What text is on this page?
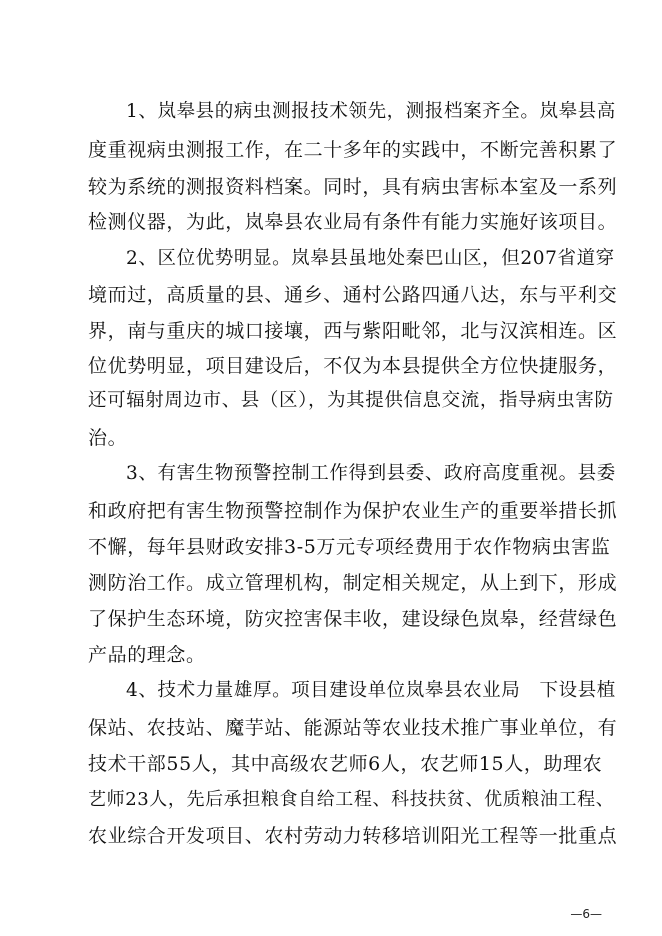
1、岚皋县的病虫测报技术领先，测报档案齐全。岚皋县高
度重视病虫测报工作，在二十多年的实践中，不断完善积累了
较为系统的测报资料档案。同时，具有病虫害标本室及一系列
检测仪器，为此，岚皋县农业局有条件有能力实施好该项目。
2、区位优势明显。岚皋县虽地处秦巴山区，但207省道穿
境而过，高质量的县、通乡、通村公路四通八达，东与平利交
界，南与重庆的城口接壤，西与紫阳毗邻，北与汉滨相连。区
位优势明显，项目建设后，不仅为本县提供全方位快捷服务，
还可辐射周边市、县（区），为其提供信息交流，指导病虫害防
治。
3、有害生物预警控制工作得到县委、政府高度重视。县委
和政府把有害生物预警控制作为保护农业生产的重要举措长抓
不懈，每年县财政安排3-5万元专项经费用于农作物病虫害监
测防治工作。成立管理机构，制定相关规定，从上到下，形成
了保护生态环境，防灾控害保丰收，建设绿色岚皋，经营绿色
产品的理念。
4、技术力量雄厚。项目建设单位岚皋县农业局　下设县植
保站、农技站、魔芋站、能源站等农业技术推广事业单位，有
技术干部55人，其中高级农艺师6人，农艺师15人，助理农
艺师23人，先后承担粮食自给工程、科技扶贫、优质粮油工程、
农业综合开发项目、农村劳动力转移培训阳光工程等一批重点
—6—
